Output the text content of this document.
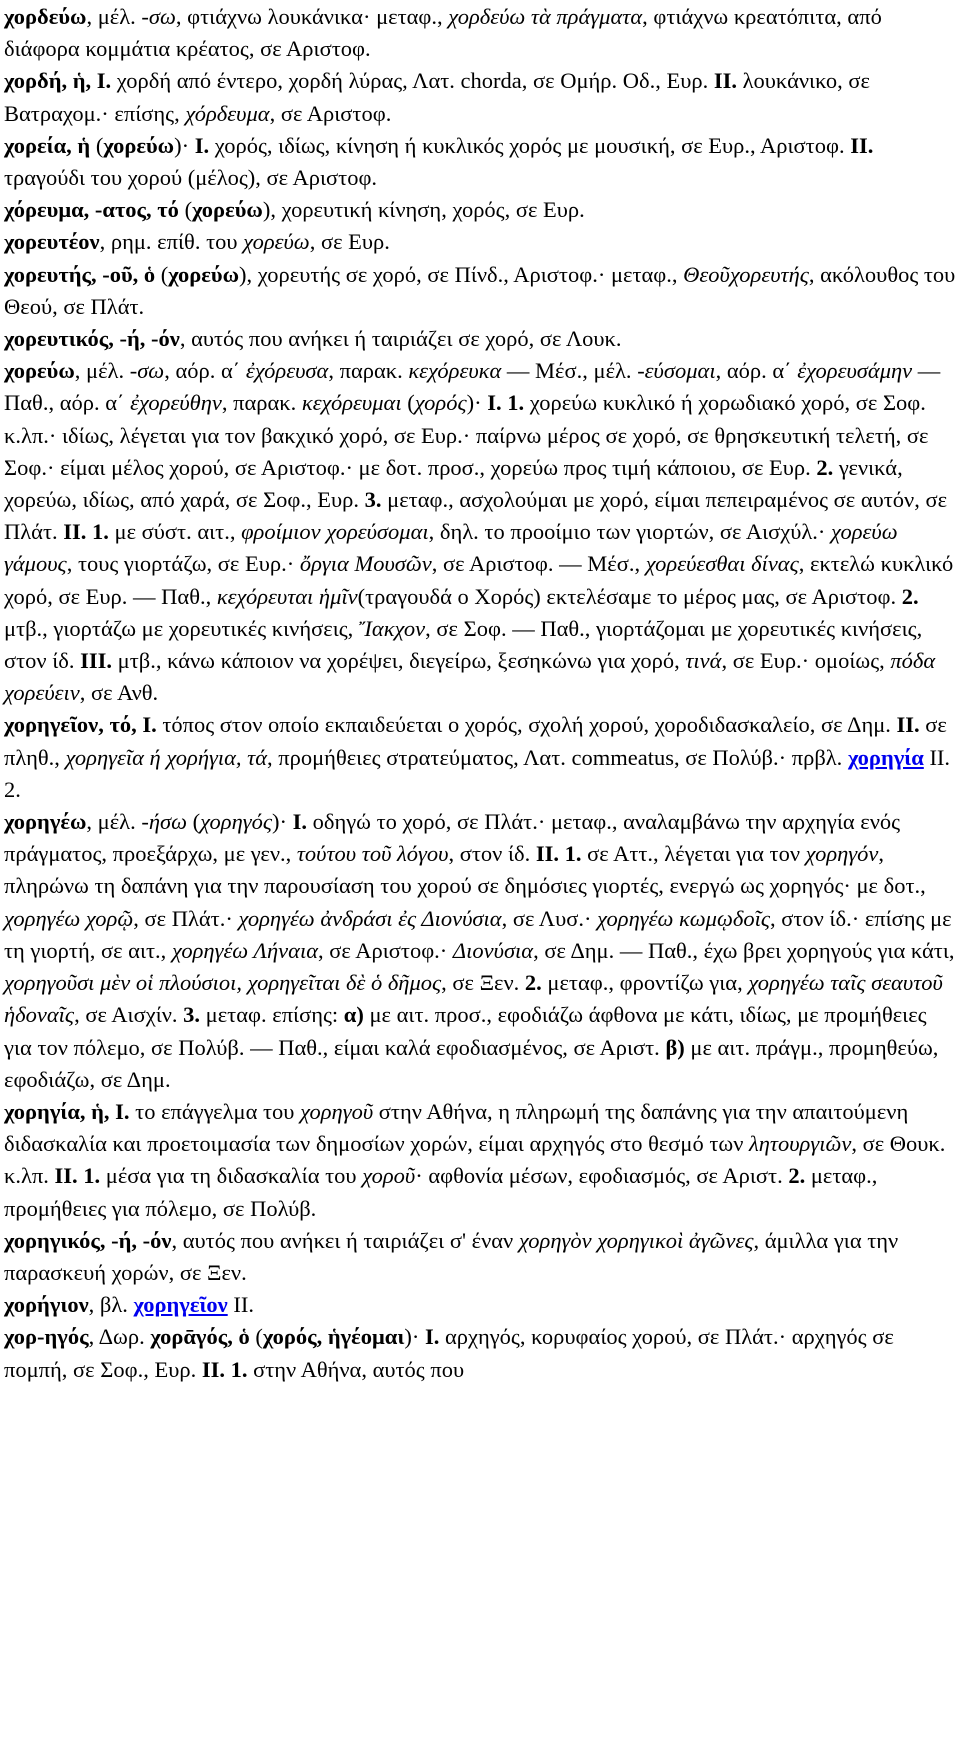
χορδεύω, μέλ. -σω, φτιάχνω λουκάνικα· μεταφ., χορδεύω τὰ πράγματα, φτιάχνω κρεατόπιτα, από διάφορα κομμάτια κρέατος, σε Αριστοφ.

χορδή, ἡ, I. χορδή από έντερο, χορδή λύρας, Λατ. chorda, σε Ομήρ. Οδ., Ευρ. II. λουκάνικο, σε Βατραχομ.· επίσης, χόρδευμα, σε Αριστοφ.

χορεία, ἡ (χορεύω)· I. χορός, ιδίως, κίνηση ή κυκλικός χορός με μουσική, σε Ευρ., Αριστοφ. II. τραγούδι του χορού (μέλος), σε Αριστοφ.

χόρευμα, -ατος, τό (χορεύω), χορευτική κίνηση, χορός, σε Ευρ.

χορευτέον, ρημ. επίθ. του χορεύω, σε Ευρ.

χορευτής, -οῦ, ὁ (χορεύω), χορευτής σε χορό, σε Πίνδ., Αριστοφ.· μεταφ., Θεοῦχορευτής, ακόλουθος του Θεού, σε Πλάτ.

χορευτικός, -ή, -όν, αυτός που ανήκει ή ταιριάζει σε χορό, σε Λουκ.

χορεύω, μέλ. -σω, αόρ. α΄ ἐχόρευσα, παρακ. κεχόρευκα — Μέσ., μέλ. -εύσομαι, αόρ. α΄ ἐχορευσάμην — Παθ., αόρ. α΄ ἐχορεύθην, παρακ. κεχόρευμαι (χορός)· I. 1. χορεύω κυκλικό ή χορωδιακό χορό, σε Σοφ. κ.λπ.· ιδίως, λέγεται για τον βακχικό χορό, σε Ευρ.· παίρνω μέρος σε χορό, σε θρησκευτική τελετή, σε Σοφ.· είμαι μέλος χορού, σε Αριστοφ.· με δοτ. προσ., χορεύω προς τιμή κάποιου, σε Ευρ. 2. γενικά, χορεύω, ιδίως, από χαρά, σε Σοφ., Ευρ. 3. μεταφ., ασχολούμαι με χορό, είμαι πεπειραμένος σε αυτόν, σε Πλάτ. II. 1. με σύστ. αιτ., φροίμιον χορεύσομαι, δηλ. το προοίμιο των γιορτών, σε Αισχύλ.· χορεύω γάμους, τους γιορτάζω, σε Ευρ.· ὄργια Μουσῶν, σε Αριστοφ. — Μέσ., χορεύεσθαι δίνας, εκτελώ κυκλικό χορό, σε Ευρ. — Παθ., κεχόρευται ἡμῖν(τραγουδά ο Χορός) εκτελέσαμε το μέρος μας, σε Αριστοφ. 2. μτβ., γιορτάζω με χορευτικές κινήσεις, Ἴακχον, σε Σοφ. — Παθ., γιορτάζομαι με χορευτικές κινήσεις, στον ίδ. III. μτβ., κάνω κάποιον να χορέψει, διεγείρω, ξεσηκώνω για χορό, τινά, σε Ευρ.· ομοίως, πόδα χορεύειν, σε Ανθ.

χορηγεῖον, τό, I. τόπος στον οποίο εκπαιδεύεται ο χορός, σχολή χορού, χοροδιδασκαλείο, σε Δημ. II. σε πληθ., χορηγεῖα ή χορήγια, τά, προμήθειες στρατεύματος, Λατ. commeatus, σε Πολύβ.· πρβλ. χορηγία II. 2.

χορηγέω, μέλ. -ήσω (χορηγός)· I. οδηγώ το χορό, σε Πλάτ.· μεταφ., αναλαμβάνω την αρχηγία ενός πράγματος, προεξάρχω, με γεν., τούτου τοῦ λόγου, στον ίδ. II. 1. σε Αττ., λέγεται για τον χορηγόν, πληρώνω τη δαπάνη για την παρουσίαση του χορού σε δημόσιες γιορτές, ενεργώ ως χορηγός· με δοτ., χορηγέω χορῷ, σε Πλάτ.· χορηγέω ἀνδράσι ἐς Διονύσια, σε Λυσ.· χορηγέω κωμῳδοῖς, στον ίδ.· επίσης με τη γιορτή, σε αιτ., χορηγέω Λήναια, σε Αριστοφ.· Διονύσια, σε Δημ. — Παθ., έχω βρει χορηγούς για κάτι, χορηγοῦσι μὲν οἱ πλούσιοι, χορηγεῖται δὲ ὁ δῆμος, σε Ξεν. 2. μεταφ., φροντίζω για, χορηγέω ταῖς σεαυτοῦ ἡδοναῖς, σε Αισχίν. 3. μεταφ. επίσης: α) με αιτ. προσ., εφοδιάζω άφθονα με κάτι, ιδίως, με προμήθειες για τον πόλεμο, σε Πολύβ. — Παθ., είμαι καλά εφοδιασμένος, σε Αριστ. β) με αιτ. πράγμ., προμηθεύω, εφοδιάζω, σε Δημ.

χορηγία, ἡ, I. το επάγγελμα του χορηγοῦ στην Αθήνα, η πληρωμή της δαπάνης για την απαιτούμενη διδασκαλία και προετοιμασία των δημοσίων χορών, είμαι αρχηγός στο θεσμό των λητουργιῶν, σε Θουκ. κ.λπ. II. 1. μέσα για τη διδασκαλία του χοροῦ· αφθονία μέσων, εφοδιασμός, σε Αριστ. 2. μεταφ., προμήθειες για πόλεμο, σε Πολύβ.

χορηγικός, -ή, -όν, αυτός που ανήκει ή ταιριάζει σ' έναν χορηγὸν χορηγικοὶ ἀγῶνες, άμιλλα για την παρασκευή χορών, σε Ξεν.

χορήγιον, βλ. χορηγεῖον II.

χορ-ηγός, Δωρ. χορᾱγός, ὁ (χορός, ἡγέομαι)· I. αρχηγός, κορυφαίος χορού, σε Πλάτ.· αρχηγός σε πομπή, σε Σοφ., Ευρ. II. 1. στην Αθήνα, αυτός που
